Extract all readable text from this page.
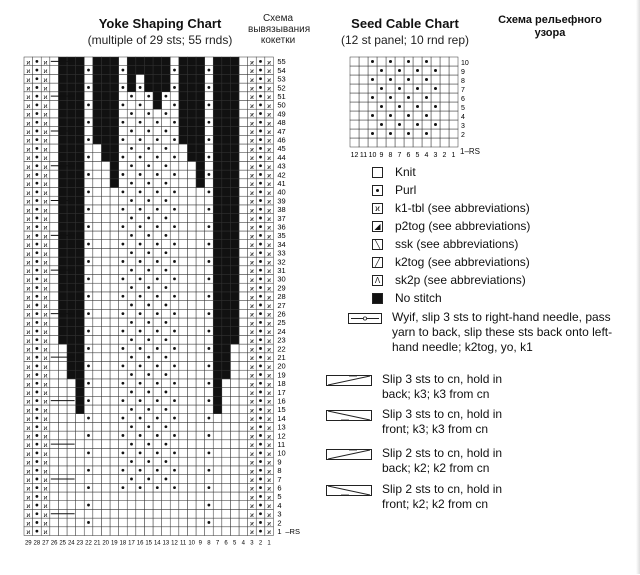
Yoke Shaping Chart
(multiple of 29 sts; 55 rnds)
Схема вывязывания кокетки
Seed Cable Chart
(12 st panel; 10 rnd rep)
Схема рельефного узора
ϰ
ϰ
ϰ
ϰ
ϰ
ϰ
ϰ
ϰ
ϰ
ϰ
ϰ
ϰ
ϰ
ϰ
ϰ
ϰ
ϰ
ϰ
ϰ
ϰ
ϰ
ϰ
ϰ
ϰ
ϰ
ϰ
ϰ
ϰ
ϰ
ϰ
ϰ
ϰ
ϰ
ϰ
ϰ
ϰ
ϰ
ϰ
ϰ
ϰ
ϰ
ϰ
ϰ
ϰ
ϰ
ϰ
ϰ
ϰ
ϰ
ϰ
ϰ
ϰ
ϰ
ϰ
ϰ
ϰ
ϰ
ϰ
ϰ
ϰ
ϰ
ϰ
ϰ
ϰ
ϰ
ϰ
ϰ
ϰ
ϰ
ϰ
ϰ
ϰ
ϰ
ϰ
ϰ
ϰ
ϰ
ϰ
ϰ
ϰ
ϰ
ϰ
ϰ
ϰ
ϰ
ϰ
ϰ
ϰ
ϰ
ϰ
ϰ
ϰ
ϰ
ϰ
ϰ
ϰ
ϰ
ϰ
ϰ
ϰ
ϰ
ϰ
ϰ
ϰ
ϰ
ϰ
ϰ
ϰ
ϰ
ϰ
ϰ
ϰ
ϰ
ϰ
ϰ
ϰ
ϰ
ϰ
ϰ
ϰ
ϰ
ϰ
ϰ
ϰ
ϰ
ϰ
ϰ
ϰ
ϰ
ϰ
ϰ
ϰ
ϰ
ϰ
ϰ
ϰ
ϰ
ϰ
ϰ
ϰ
ϰ
ϰ
ϰ
ϰ
ϰ
ϰ
ϰ
ϰ
ϰ
ϰ
ϰ
ϰ
ϰ
ϰ
ϰ
ϰ
ϰ
ϰ
ϰ
ϰ
ϰ
ϰ
ϰ
ϰ
ϰ
ϰ
ϰ
ϰ
ϰ
ϰ
ϰ
ϰ
ϰ
ϰ
ϰ
ϰ
ϰ
ϰ
ϰ
ϰ
ϰ
ϰ
ϰ
ϰ
ϰ
ϰ
ϰ
ϰ
ϰ
ϰ
ϰ
ϰ
ϰ
ϰ
ϰ
ϰ
ϰ
ϰ
ϰ
ϰ
ϰ
ϰ
ϰ
ϰ
ϰ
ϰ
ϰ
ϰ
ϰ
ϰ
ϰ
ϰ
ϰ
ϰ
ϰ
ϰ
ϰ
ϰ
ϰ
ϰ
1
2
3
4
5
6
7
8
9
10
11
12
13
14
15
16
17
18
19
20
21
22
23
24
25
26
27
28
29
30
31
32
33
34
35
36
37
38
39
40
41
42
43
44
45
46
47
48
49
50
51
52
53
54
55
–RS
1
2
3
4
5
6
7
8
9
10
11
12
13
14
15
16
17
18
19
20
21
22
23
24
25
26
27
28
29
2
3
4
5
6
7
8
9
10
1
2
3
4
5
6
7
8
9
10
11
12	1–RS
Knit
Purl
ϰ k1-tbl (see abbreviations)
◢ p2tog (see abbreviations)
╲ ssk (see abbreviations)
╱ k2tog (see abbreviations)
Λ sk2p (see abbreviations)
No stitch
Wyif, slip 3 sts to right-hand needle, pass yarn to back, slip these sts back onto left-hand needle; k2tog, yo, k1
Slip 3 sts to cn, hold in back; k3; k3 from cn
Slip 3 sts to cn, hold in front; k3; k3 from cn
Slip 2 sts to cn, hold in back; k2; k2 from cn
Slip 2 sts to cn, hold in front; k2; k2 from cn
